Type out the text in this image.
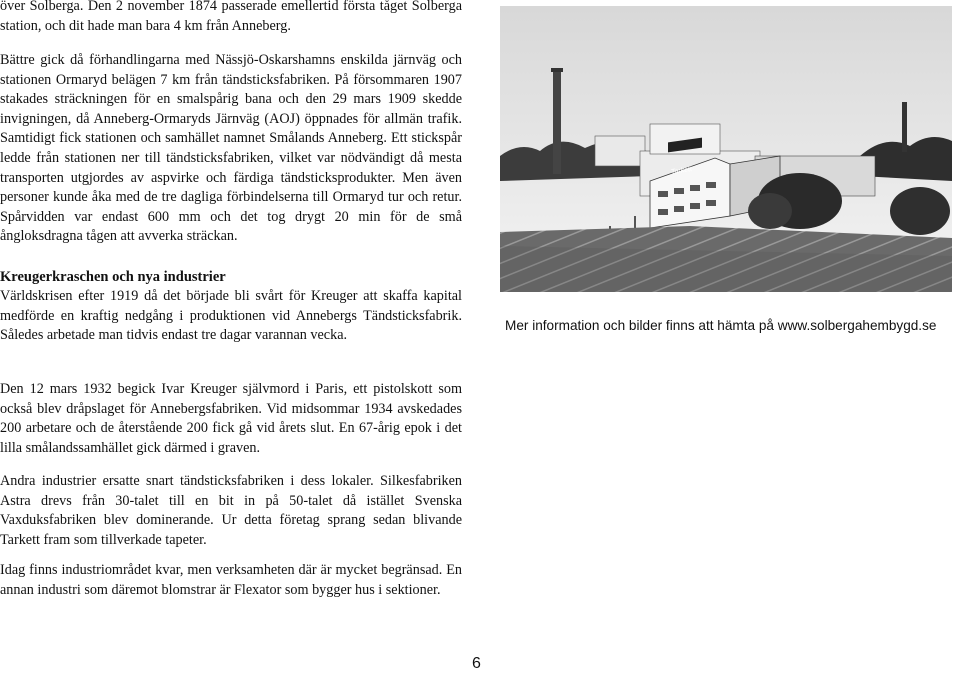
över Solberga. Den 2 november 1874 passerade emellertid första tåget Solberga station, och dit hade man bara 4 km från Anneberg.

Bättre gick då förhandlingarna med Nässjö-Oskarshamns enskilda järnväg och stationen Ormaryd belägen 7 km från tändsticksfabriken. På försommaren 1907 stakades sträckningen för en smalspårig bana och den 29 mars 1909 skedde invigningen, då Anneberg-Ormaryds Järnväg (AOJ) öppnades för allmän trafik. Samtidigt fick stationen och samhället namnet Smålands Anneberg. Ett stickspår ledde från stationen ner till tändsticksfabriken, vilket var nödvändigt då mesta transporten utgjordes av aspvirke och färdiga tändsticksprodukter. Men även personer kunde åka med de tre dagliga förbindelserna till Ormaryd tur och retur. Spårvidden var endast 600 mm och det tog drygt 20 min för de små ångloksdragna tågen att avverka sträckan.

Kreugerkraschen och nya industrier

Världskrisen efter 1919 då det började bli svårt för Kreuger att skaffa kapital medförde en kraftig nedgång i produktionen vid Annebergs Tändsticksfabrik. Således arbetade man tidvis endast tre dagar varannan vecka.

Den 12 mars 1932 begick Ivar Kreuger självmord i Paris, ett pistolskott som också blev dråpslaget för Annebergsfabriken. Vid midsommar 1934 avskedades 200 arbetare och de återstående 200 fick gå vid årets slut. En 67-årig epok i det lilla smålandssamhället gick därmed i graven.

Andra industrier ersatte snart tändsticksfabriken i dess lokaler. Silkesfabriken Astra drevs från 30-talet till en bit in på 50-talet då istället Svenska Vaxduksfabriken blev dominerande. Ur detta företag sprang sedan blivande Tarkett fram som tillverkade tapeter.

Idag finns industriområdet kvar, men verksamheten där är mycket begränsad. En annan industri som däremot blomstrar är Flexator som bygger hus i sektioner.

Tarkett
Mer information och bilder finns att hämta på www.solbergahembygd.se
6
